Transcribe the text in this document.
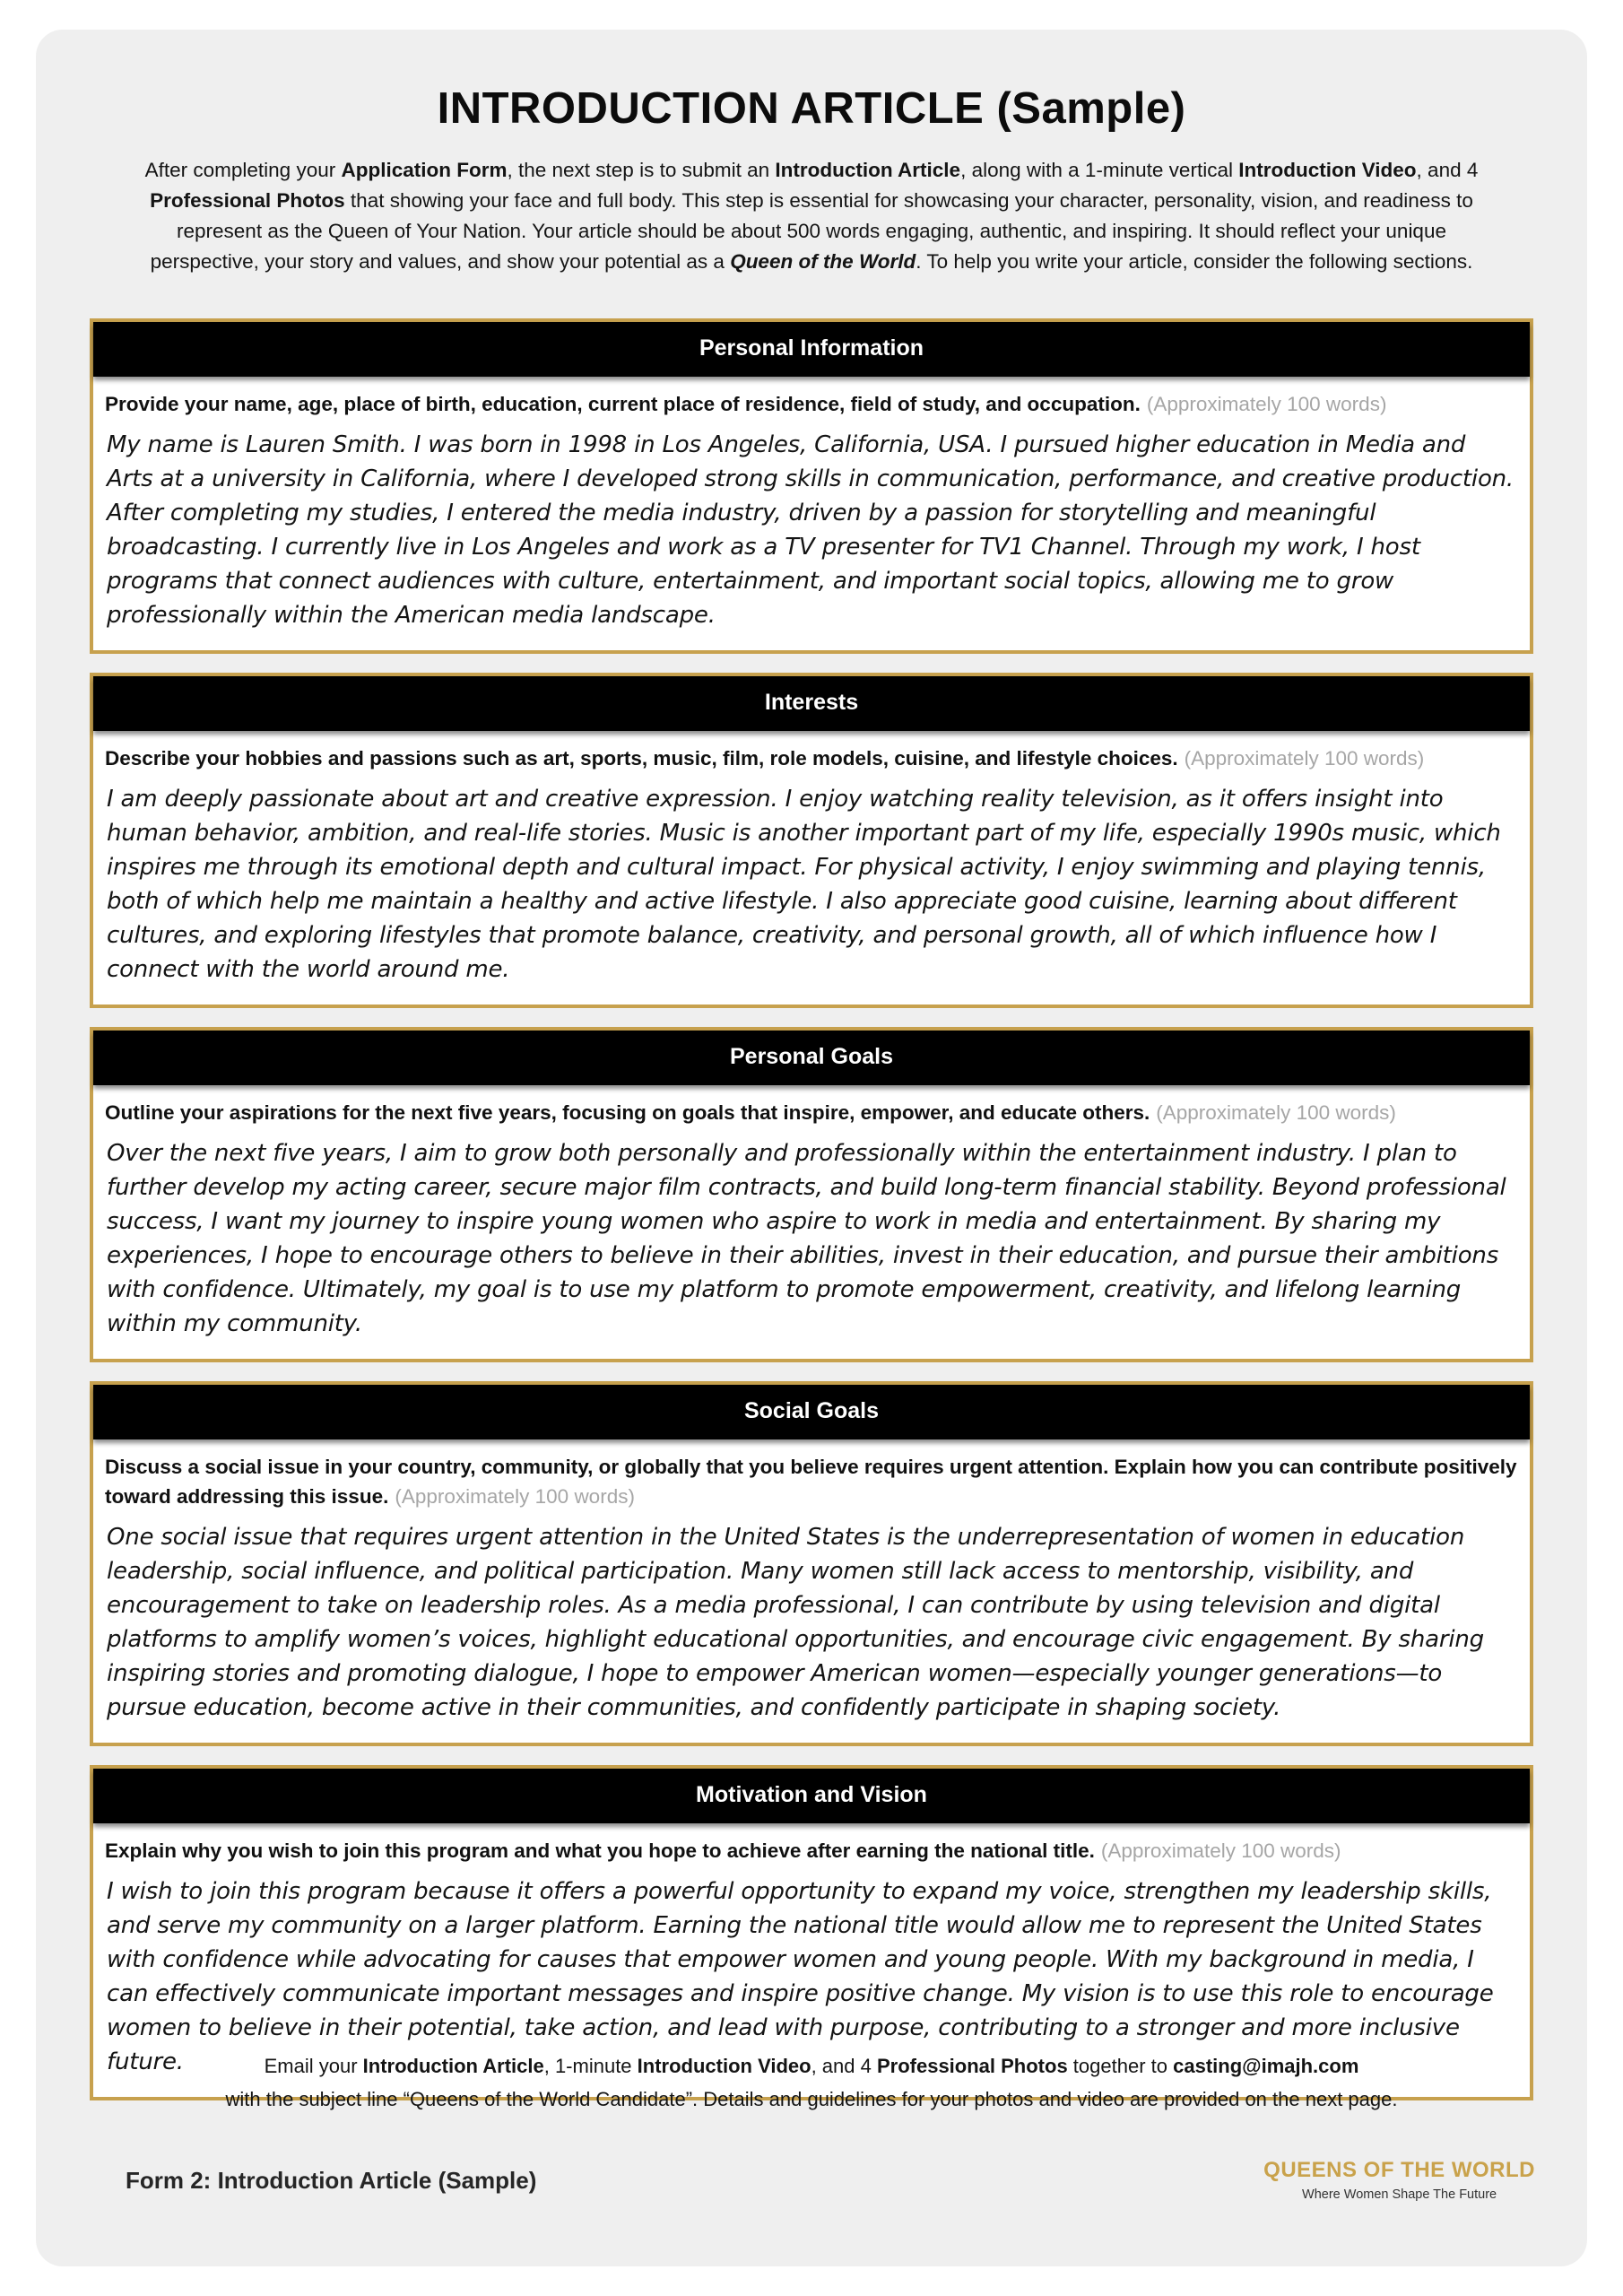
INTRODUCTION ARTICLE (Sample)

After completing your Application Form, the next step is to submit an Introduction Article, along with a 1-minute vertical Introduction Video, and 4 Professional Photos that showing your face and full body. This step is essential for showcasing your character, personality, vision, and readiness to represent as the Queen of Your Nation. Your article should be about 500 words engaging, authentic, and inspiring. It should reflect your unique perspective, your story and values, and show your potential as a Queen of the World. To help you write your article, consider the following sections.

Personal Information

Provide your name, age, place of birth, education, current place of residence, field of study, and occupation. (Approximately 100 words)

My name is Lauren Smith. I was born in 1998 in Los Angeles, California, USA. I pursued higher education in Media and Arts at a university in California, where I developed strong skills in communication, performance, and creative production. After completing my studies, I entered the media industry, driven by a passion for storytelling and meaningful broadcasting. I currently live in Los Angeles and work as a TV presenter for TV1 Channel. Through my work, I host programs that connect audiences with culture, entertainment, and important social topics, allowing me to grow professionally within the American media landscape.

Interests

Describe your hobbies and passions such as art, sports, music, film, role models, cuisine, and lifestyle choices. (Approximately 100 words)

I am deeply passionate about art and creative expression. I enjoy watching reality television, as it offers insight into human behavior, ambition, and real-life stories. Music is another important part of my life, especially 1990s music, which inspires me through its emotional depth and cultural impact. For physical activity, I enjoy swimming and playing tennis, both of which help me maintain a healthy and active lifestyle. I also appreciate good cuisine, learning about different cultures, and exploring lifestyles that promote balance, creativity, and personal growth, all of which influence how I connect with the world around me.

Personal Goals

Outline your aspirations for the next five years, focusing on goals that inspire, empower, and educate others. (Approximately 100 words)

Over the next five years, I aim to grow both personally and professionally within the entertainment industry. I plan to further develop my acting career, secure major film contracts, and build long-term financial stability. Beyond professional success, I want my journey to inspire young women who aspire to work in media and entertainment. By sharing my experiences, I hope to encourage others to believe in their abilities, invest in their education, and pursue their ambitions with confidence. Ultimately, my goal is to use my platform to promote empowerment, creativity, and lifelong learning within my community.

Social Goals

Discuss a social issue in your country, community, or globally that you believe requires urgent attention. Explain how you can contribute positively toward addressing this issue. (Approximately 100 words)

One social issue that requires urgent attention in the United States is the underrepresentation of women in education leadership, social influence, and political participation. Many women still lack access to mentorship, visibility, and encouragement to take on leadership roles. As a media professional, I can contribute by using television and digital platforms to amplify women’s voices, highlight educational opportunities, and encourage civic engagement. By sharing inspiring stories and promoting dialogue, I hope to empower American women—especially younger generations—to pursue education, become active in their communities, and confidently participate in shaping society.

Motivation and Vision

Explain why you wish to join this program and what you hope to achieve after earning the national title. (Approximately 100 words)

I wish to join this program because it offers a powerful opportunity to expand my voice, strengthen my leadership skills, and serve my community on a larger platform. Earning the national title would allow me to represent the United States with confidence while advocating for causes that empower women and young people. With my background in media, I can effectively communicate important messages and inspire positive change. My vision is to use this role to encourage women to believe in their potential, take action, and lead with purpose, contributing to a stronger and more inclusive future.	Email your Introduction Article, 1-minute Introduction Video, and 4 Professional Photos together to casting@imajh.com
with the subject line “Queens of the World Candidate”. Details and guidelines for your photos and video are provided on the next page.
Form 2: Introduction Article (Sample)	QUEENS OF THE WORLD
Where Women Shape The Future
